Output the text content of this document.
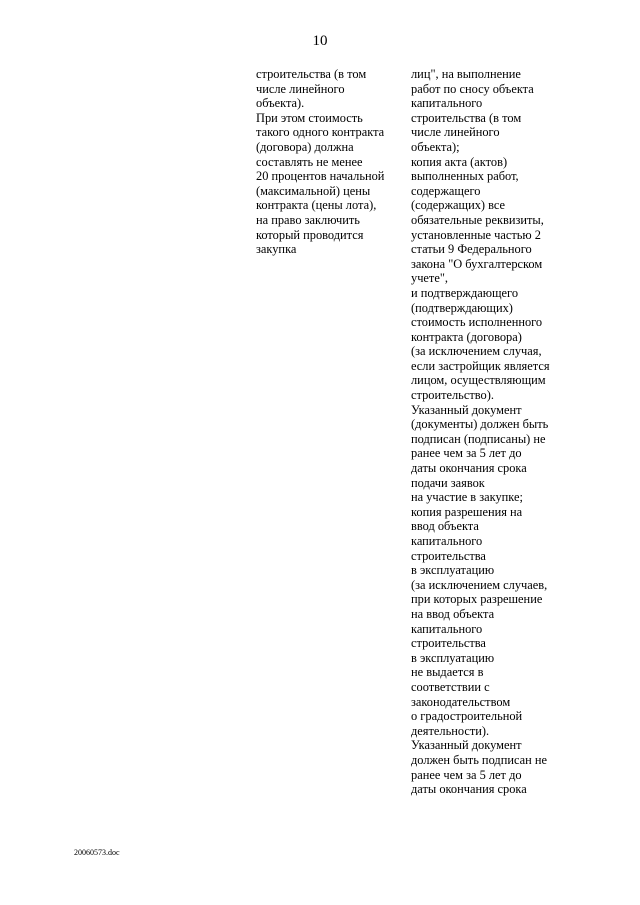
10
строительства (в том
числе линейного
объекта).
При этом стоимость
такого одного контракта
(договора) должна
составлять не менее
20 процентов начальной
(максимальной) цены
контракта (цены лота),
на право заключить
который проводится
закупка
лиц", на выполнение
работ по сносу объекта
капитального
строительства (в том
числе линейного
объекта);
копия акта (актов)
выполненных работ,
содержащего
(содержащих) все
обязательные реквизиты,
установленные частью 2
статьи 9 Федерального
закона "О бухгалтерском
учете",
и подтверждающего
(подтверждающих)
стоимость исполненного
контракта (договора)
(за исключением случая,
если застройщик является
лицом, осуществляющим
строительство).
Указанный документ
(документы) должен быть
подписан (подписаны) не
ранее чем за 5 лет до
даты окончания срока
подачи заявок
на участие в закупке;
копия разрешения на
ввод объекта
капитального
строительства
в эксплуатацию
(за исключением случаев,
при которых разрешение
на ввод объекта
капитального
строительства
в эксплуатацию
не выдается в
соответствии с
законодательством
о градостроительной
деятельности).
Указанный документ
должен быть подписан не
ранее чем за 5 лет до
даты окончания срока
20060573.doc
